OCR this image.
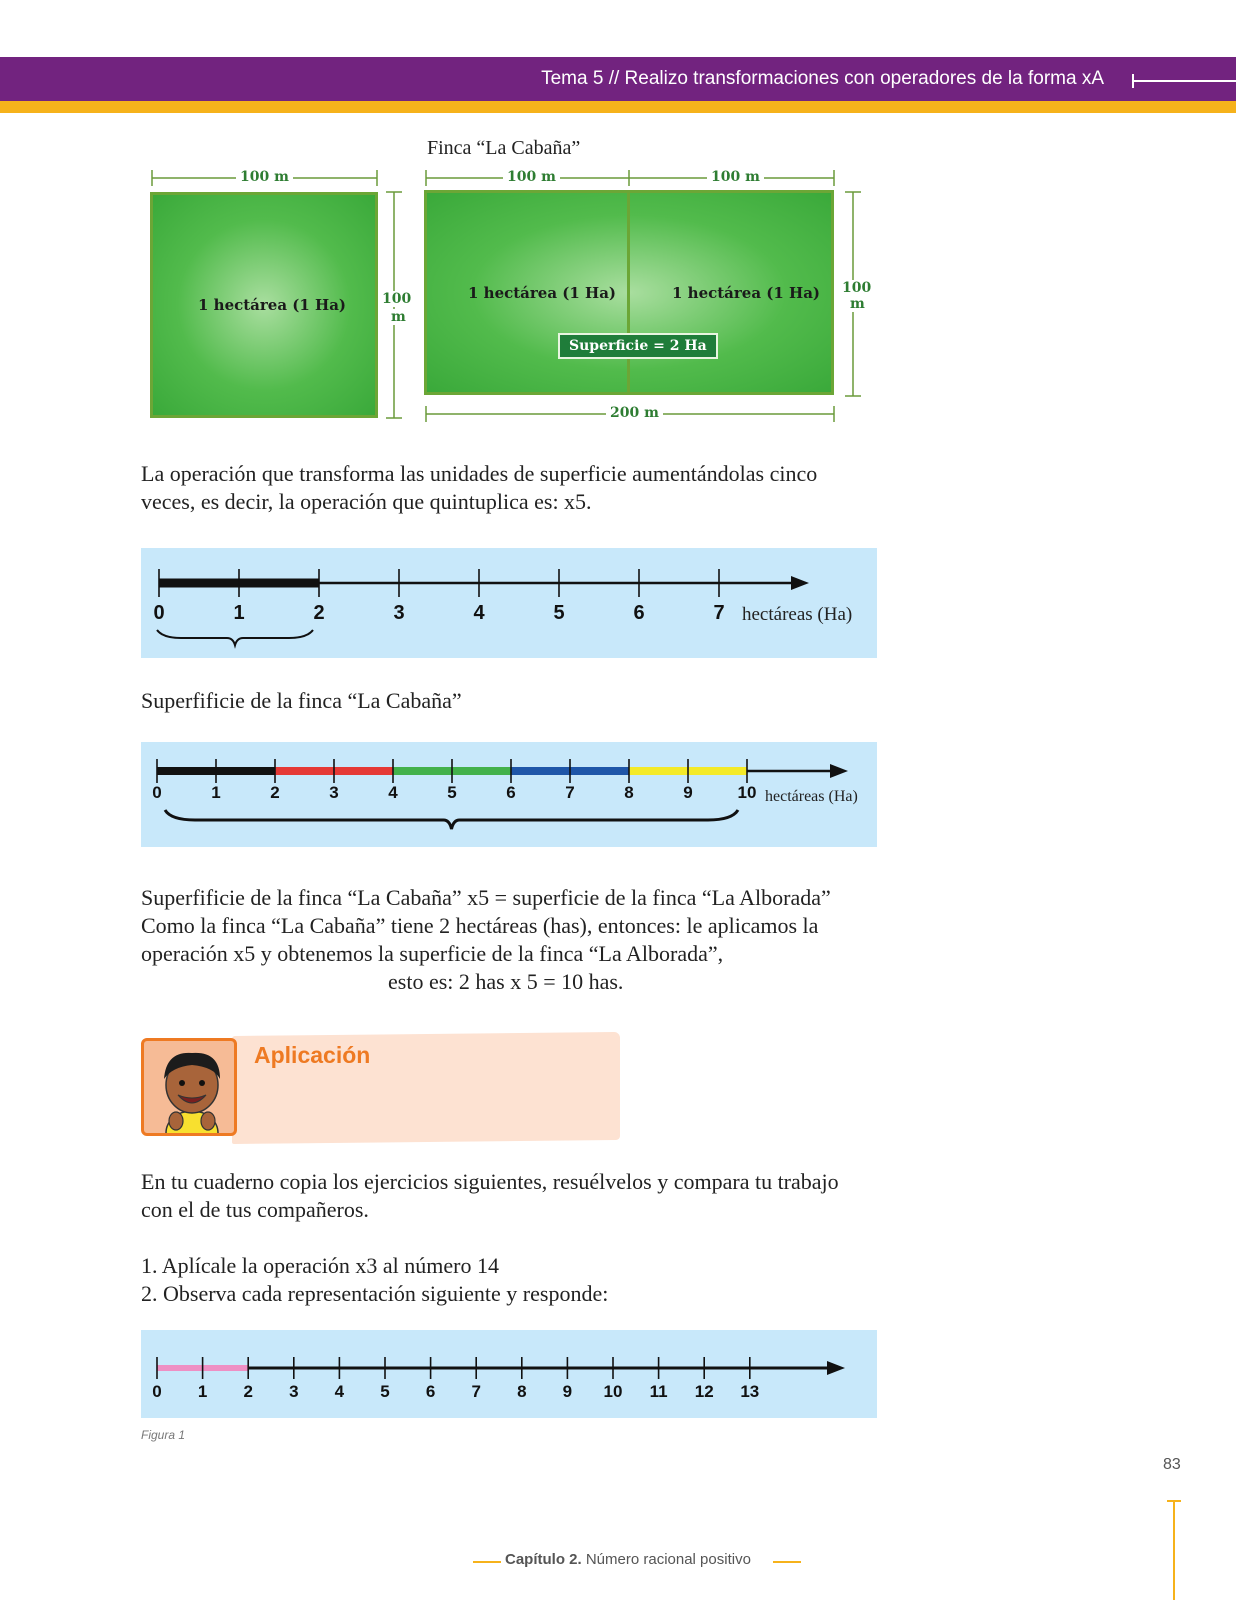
Tema 5 // Realizo transformaciones con operadores de la forma xA
Finca “La Cabaña”
1 hectárea (1 Ha)
100 m
100
m
1 hectárea (1 Ha)	1 hectárea (1 Ha)
Superficie = 2 Ha
100 m	100 m
100
m
200 m
La operación que transforma las unidades de superficie aumentándolas cinco
veces, es decir, la operación que quintuplica es: x5.
0	1	2	3	4	5	6	7 hectáreas (Ha)
Superfificie de la finca “La Cabaña”
0	1	2	3	4	5	6	7	8	9	10 hectáreas (Ha)
Superfificie de la finca “La Cabaña” x5 = superficie de la finca “La Alborada”
Como la finca “La Cabaña” tiene 2 hectáreas (has), entonces: le aplicamos la
operación x5 y obtenemos la superficie de la finca “La Alborada”,
esto es: 2 has x 5 = 10 has.
Aplicación
En tu cuaderno copia los ejercicios siguientes, resuélvelos y compara tu trabajo
con el de tus compañeros.
1. Aplícale la operación x3 al número 14
2. Observa cada representación siguiente y responde:
0 1 2 3 4 5 6 7 8 9 10 11 12 13
Figura 1
83
Capítulo 2. Número racional positivo
